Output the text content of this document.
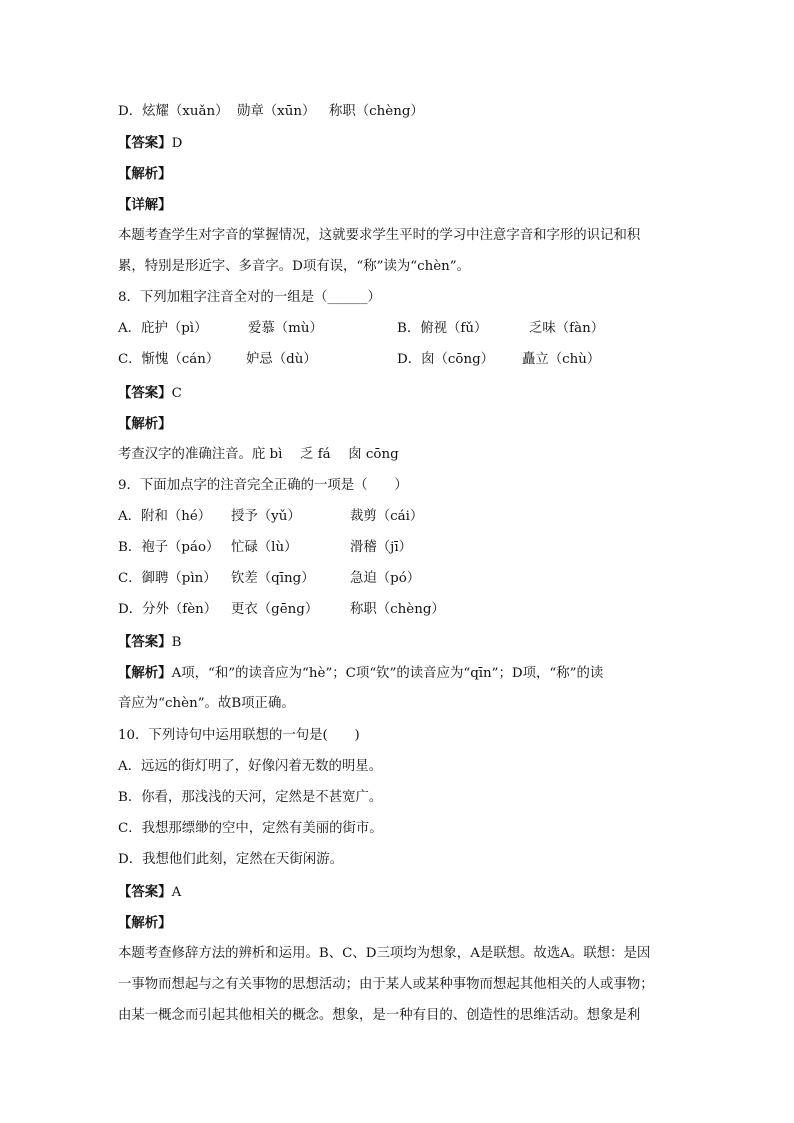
D．炫耀（xuǎn） 勋章（xūn） 称职（chèng）
【答案】D
【解析】
【详解】
本题考查学生对字音的掌握情况，这就要求学生平时的学习中注意字音和字形的识记和积
累，特别是形近字、多音字。D项有误，“称”读为“chèn”。
8．下列加粗字注音全对的一组是（______）
A．庇护（pì）	爱慕（mù）	B．俯视（fǔ）	乏味（fàn）
C．惭愧（cán） 妒忌（dù）	D．囱（cōng） 矗立（chù）
【答案】C
【解析】
考查汉字的准确注音。庇 bì　 乏 fá　 囱 cōng
9．下面加点字的注音完全正确的一项是（　　）
A．附和（hé） 授予（yǔ）	裁剪（cái）
B．袍子（páo） 忙碌（lù）	滑稽（jī）
C．御聘（pìn） 钦差（qīng）	急迫（pó）
D．分外（fèn） 更衣（gēng） 称职（chèng）
【答案】B
【解析】A项，“和”的读音应为“hè”；C项“钦”的读音应为“qīn”；D项，“称”的读
音应为“chèn”。故B项正确。
10．下列诗句中运用联想的一句是(　　)
A．远远的街灯明了，好像闪着无数的明星。
B．你看，那浅浅的天河，定然是不甚宽广。
C．我想那缥缈的空中，定然有美丽的街市。
D．我想他们此刻，定然在天街闲游。
【答案】A
【解析】
本题考查修辞方法的辨析和运用。B、C、D三项均为想象，A是联想。故选A。联想：是因
一事物而想起与之有关事物的思想活动；由于某人或某种事物而想起其他相关的人或事物；
由某一概念而引起其他相关的概念。想象，是一种有目的、创造性的思维活动。想象是利
